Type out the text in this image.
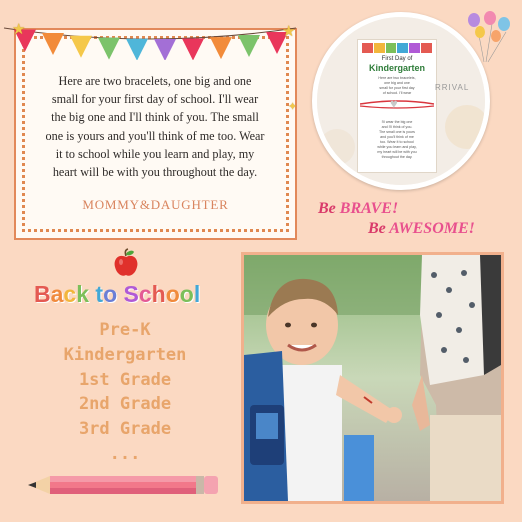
★	★
✦
Here are two bracelets, one big and one
small for your first day of school. I'll wear
the big one and I'll think of you. The small
one is yours and you'll think of me too. Wear
it to school while you learn and play, my
heart will be with you throughout the day.
MOMMY&DAUGHTER
First Day of
Kindergarten
Here are two bracelets,
one big and one
small for your first day
of school. I'll wear
♥
I'll wear the big one
and I'll think of you.
The small one is yours
and you'll think of me
too. Wear it to school
while you learn and play,
my heart will be with you
throughout the day.
RRIVAL
Be BRAVE!
Be AWESOME!
Back to School
Pre-K
Kindergarten
1st Grade
2nd Grade
3rd Grade
...
